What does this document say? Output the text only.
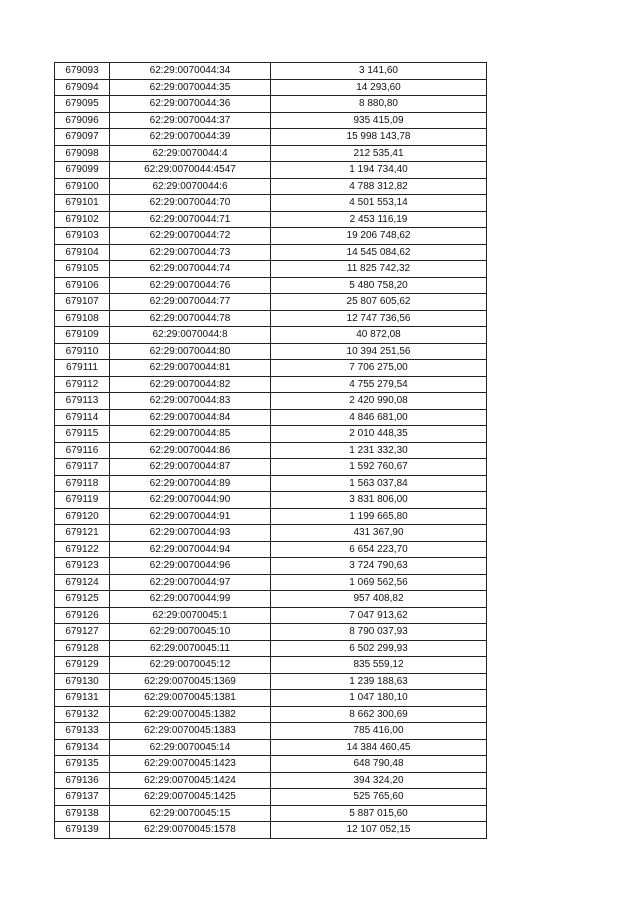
679093	62:29:0070044:34	3 141,60
679094	62:29:0070044:35	14 293,60
679095	62:29:0070044:36	8 880,80
679096	62:29:0070044:37	935 415,09
679097	62:29:0070044:39	15 998 143,78
679098	62:29:0070044:4	212 535,41
679099	62:29:0070044:4547	1 194 734,40
679100	62:29:0070044:6	4 788 312,82
679101	62:29:0070044:70	4 501 553,14
679102	62:29:0070044:71	2 453 116,19
679103	62:29:0070044:72	19 206 748,62
679104	62:29:0070044:73	14 545 084,62
679105	62:29:0070044:74	11 825 742,32
679106	62:29:0070044:76	5 480 758,20
679107	62:29:0070044:77	25 807 605,62
679108	62:29:0070044:78	12 747 736,56
679109	62:29:0070044:8	40 872,08
679110	62:29:0070044:80	10 394 251,56
679111	62:29:0070044:81	7 706 275,00
679112	62:29:0070044:82	4 755 279,54
679113	62:29:0070044:83	2 420 990,08
679114	62:29:0070044:84	4 846 681,00
679115	62:29:0070044:85	2 010 448,35
679116	62:29:0070044:86	1 231 332,30
679117	62:29:0070044:87	1 592 760,67
679118	62:29:0070044:89	1 563 037,84
679119	62:29:0070044:90	3 831 806,00
679120	62:29:0070044:91	1 199 665,80
679121	62:29:0070044:93	431 367,90
679122	62:29:0070044:94	6 654 223,70
679123	62:29:0070044:96	3 724 790,63
679124	62:29:0070044:97	1 069 562,56
679125	62:29:0070044:99	957 408,82
679126	62:29:0070045:1	7 047 913,62
679127	62:29:0070045:10	8 790 037,93
679128	62:29:0070045:11	6 502 299,93
679129	62:29:0070045:12	835 559,12
679130	62:29:0070045:1369	1 239 188,63
679131	62:29:0070045:1381	1 047 180,10
679132	62:29:0070045:1382	8 662 300,69
679133	62:29:0070045:1383	785 416,00
679134	62:29:0070045:14	14 384 460,45
679135	62:29:0070045:1423	648 790,48
679136	62:29:0070045:1424	394 324,20
679137	62:29:0070045:1425	525 765,60
679138	62:29:0070045:15	5 887 015,60
679139	62:29:0070045:1578	12 107 052,15
